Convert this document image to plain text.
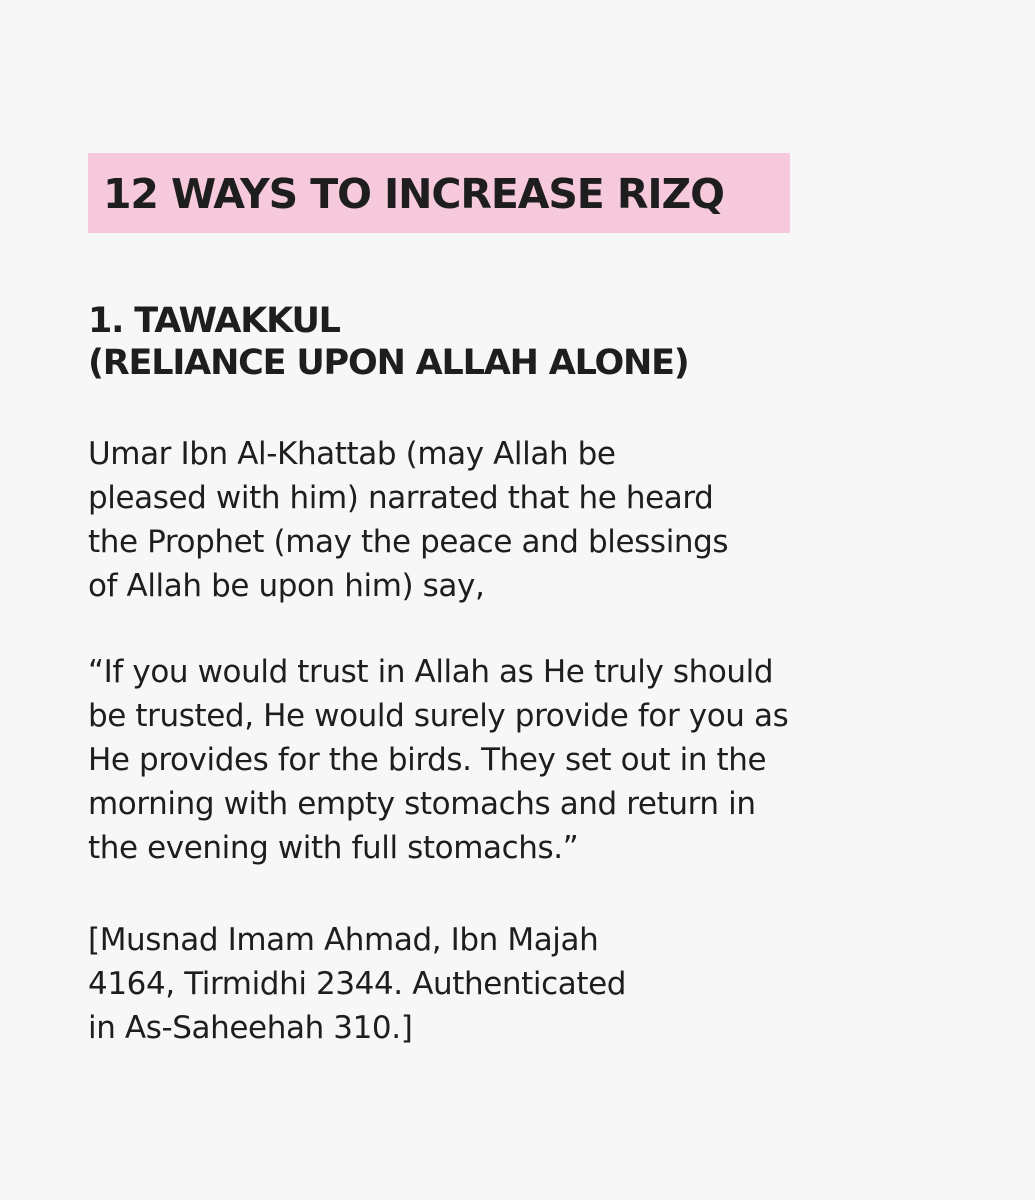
12 WAYS TO INCREASE RIZQ
1. TAWAKKUL
(RELIANCE UPON ALLAH ALONE)

Umar Ibn Al-Khattab (may Allah be
pleased with him) narrated that he heard
the Prophet (may the peace and blessings
of Allah be upon him) say,

“If you would trust in Allah as He truly should
be trusted, He would surely provide for you as
He provides for the birds. They set out in the
morning with empty stomachs and return in
the evening with full stomachs.”

[Musnad Imam Ahmad, Ibn Majah
4164, Tirmidhi 2344. Authenticated
in As-Saheehah 310.]
